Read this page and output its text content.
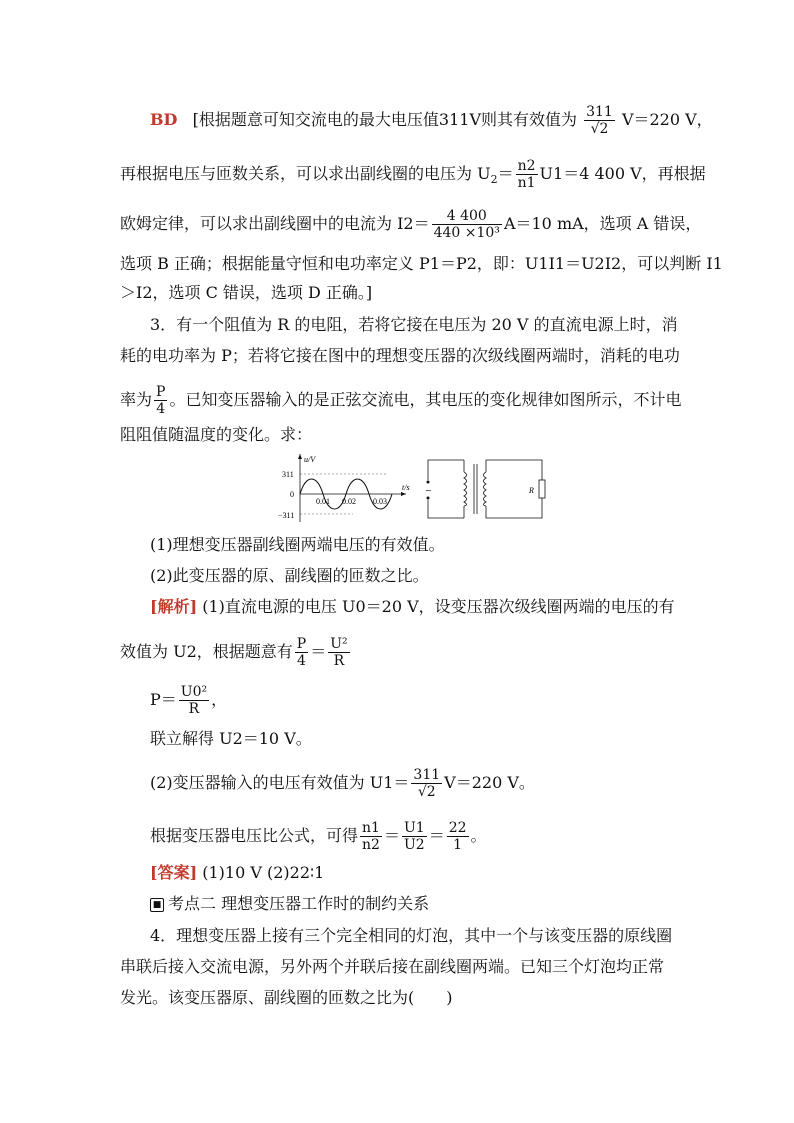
BD [根据题意可知交流电的最大电压值311V则其有效值为 $\frac{311}{√2} V=220$ V，
再根据电压与匝数关系，可以求出副线圈的电压为 $U_2= \frac{n2}{n1} U1=4$ 400 V，再根据
欧姆定律，可以求出副线圈中的电流为 $I2= \frac{4 400}{\text{440 ×10³}} A=10$ mA，选项 A 错误，
选项 B 正确；根据能量守恒和电功率定义 P1＝P2，即：U1I1＝U2I2，可以判断 I1
＞I2，选项 C 错误，选项 D 正确。]
3．有一个阻值为 R 的电阻，若将它接在电压为 20 V 的直流电源上时，消
耗的电功率为 P；若将它接在图中的理想变压器的次级线圈两端时，消耗的电功
率为 $\frac{P}{4}$ 。已知变压器输入的是正弦交流电，其电压的变化规律如图所示，不计电
阻阻值随温度的变化。求：
u/V
311
0
−311
0.01 0.02 0.03
t/s ~	R
(1)理想变压器副线圈两端电压的有效值。
(2)此变压器的原、副线圈的匝数之比。
[解析] (1)直流电源的电压 U0＝20 V，设变压器次级线圈两端的电压的有
效值为 U2，根据题意有 $\frac{P}{4} = \frac{\text{U²}}{R}$
$P= \frac{\text{U0²}}{R}$ ，
联立解得 U2＝10 V。
(2)变压器输入的电压有效值为 $U1= \frac{311}{√2} V=220$ V。
根据变压器电压比公式，可得 $\frac{n1}{n2} = \frac{U1}{U2} = \frac{22}{1}$ 。
[答案] (1)10 V (2)22∶1
■ 考点二 理想变压器工作时的制约关系
4．理想变压器上接有三个完全相同的灯泡，其中一个与该变压器的原线圈
串联后接入交流电源，另外两个并联后接在副线圈两端。已知三个灯泡均正常
发光。该变压器原、副线圈的匝数之比为(　　)
